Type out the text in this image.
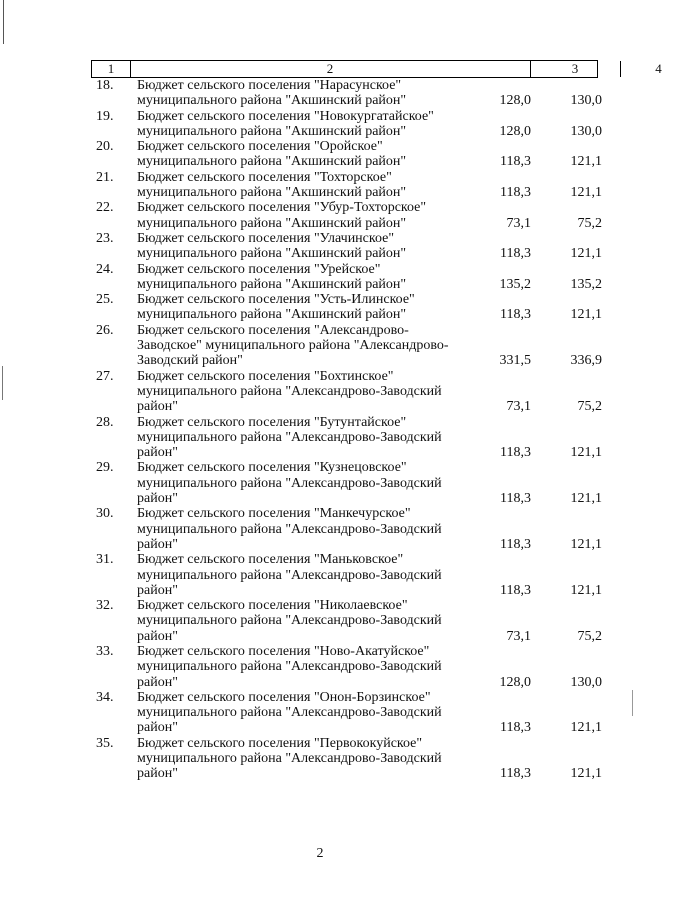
1	2	3	4
18.	Бюджет сельского поселения "Нарасунское"
муниципального района "Акшинский район"	128,0	130,0
19.	Бюджет сельского поселения "Новокургатайское"
муниципального района "Акшинский район"	128,0	130,0
20.	Бюджет сельского поселения "Оройское"
муниципального района "Акшинский район"	118,3	121,1
21.	Бюджет сельского поселения "Тохторское"
муниципального района "Акшинский район"	118,3	121,1
22.	Бюджет сельского поселения "Убур-Тохторское"
муниципального района "Акшинский район"	73,1	75,2
23.	Бюджет сельского поселения "Улачинское"
муниципального района "Акшинский район"	118,3	121,1
24.	Бюджет сельского поселения "Урейское"
муниципального района "Акшинский район"	135,2	135,2
25.	Бюджет сельского поселения "Усть-Илинское"
муниципального района "Акшинский район"	118,3	121,1
26.	Бюджет сельского поселения "Александрово-
Заводское" муниципального района "Александрово-
Заводский район"	331,5	336,9
27.	Бюджет сельского поселения "Бохтинское"
муниципального района "Александрово-Заводский
район"	73,1	75,2
28.	Бюджет сельского поселения "Бутунтайское"
муниципального района "Александрово-Заводский
район"	118,3	121,1
29.	Бюджет сельского поселения "Кузнецовское"
муниципального района "Александрово-Заводский
район"	118,3	121,1
30.	Бюджет сельского поселения "Манкечурское"
муниципального района "Александрово-Заводский
район"	118,3	121,1
31.	Бюджет сельского поселения "Маньковское"
муниципального района "Александрово-Заводский
район"	118,3	121,1
32.	Бюджет сельского поселения "Николаевское"
муниципального района "Александрово-Заводский
район"	73,1	75,2
33.	Бюджет сельского поселения "Ново-Акатуйское"
муниципального района "Александрово-Заводский
район"	128,0	130,0
34.	Бюджет сельского поселения "Онон-Борзинское"
муниципального района "Александрово-Заводский
район"	118,3	121,1
35.	Бюджет сельского поселения "Первококуйское"
муниципального района "Александрово-Заводский
район"	118,3	121,1
2
